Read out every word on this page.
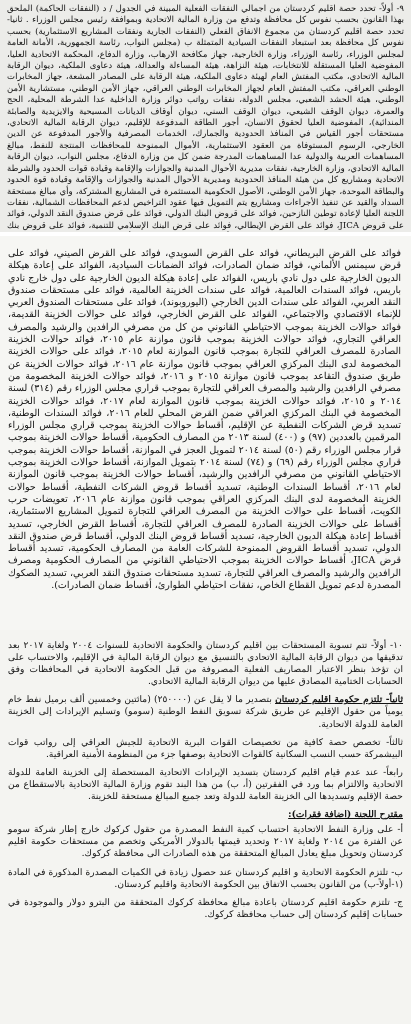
٩- أولاً- تحدد حصة اقليم كردستان من اجمالي النفقات الفعلية المبينة في الجدول / د (النفقات الحاكمة) الملحق بهذا القانون بحسب نفوس كل محافظة وتدفع من وزارة المالية الاتحادية وبموافقة رئيس مجلس الوزراء . ثانيا- تحدد حصة اقليم كردستان من مجموع الانفاق الفعلي (النفقات الجارية ونفقات المشاريع الاستثمارية) بحسب نفوس كل محافظة بعد استبعاد النفقات السيادية المتمثلة ب (مجلس النواب، رئاسة الجمهورية، الأمانة العامة لمجلس الوزراء، رئاسة الوزراء، وزارة الخارجية، جهاز مكافحة الارهاب، وزارة الدفاع، المحكمة الاتحادية العليا، المفوضية العليا المستقلة للانتخابات، هيئة النزاهة، هيئة المساءلة والعدالة، هيئة دعاوى الملكية، ديوان الرقابة المالية الاتحادي، مكتب المفتش العام لهيئة دعاوى الملكية، هيئة الرقابة على المصادر المشعة، جهاز المخابرات الوطني العراقي، مكتب المفتش العام لجهاز المخابرات الوطني العراقي، جهاز الأمن الوطني، مستشارية الأمن الوطني، هيئة الحشد الشعبي، مجلس الدولة، نفقات رواتب دوائر وزارة الداخلية عدا الشرطة المحلية، الحج والعمرة، ديوان الوقف الشيعي، ديوان الوقف السني، ديوان أوقاف الديانات المسيحية والايزيدية والصابئة المندائية)، المفوضية العليا لحقوق الانسان، أجور الطاقة المدفوعة للإقليم، ديوان الرقابة المالية الاتحادي، مستحقات أجور القياس في المنافذ الحدودية والجمارك، الخدمات المصرفية والأجور المدفوعة عن الدين الخارجي، الرسوم المستوفاة من العقود الاستثمارية، الأموال الممنوحة للمحافظات المنتجة للنفط، مبالغ المساهمات العربية والدولية عدا المساهمات المدرجة ضمن كل من وزارة الدفاع، مجلس النواب، ديوان الرقابة المالية الاتحادي، وزارة الخارجية، نفقات مديرية الأحوال المدنية والجوازات والإقامة وقيادة قوات الحدود والشرطة الاتحادية ومشاريع كل من هيئة المنافذ الحدودية ومديرية الأحوال المدنية والجوازات والإقامة وقيادة قوة الحدود والبطاقة الموحدة، جهاز الأمن الوطني، الأصول الحكومية المستثمرة في المشاريع المشتركة، وأي مبالغ مستحقة السداد والقيد عن تنفيذ الأجراءات ومشاريع يتم التمويل فيها عقود التراخيص لدعم المحافظات الشمالية، نفقات اللجنة العليا لإعادة توطين النازحين، فوائد على قروض البنك الدولي، فوائد على قرض صندوق النقد الدولي، فوائد على قروض JICA، فوائد على القرض الإيطالي، فوائد على قرض البنك الإسلامي للتنمية، فوائد على قروض بنك

فوائد على القرض البريطاني، فوائد على القرض السويدي، فوائد على القرض الصيني، فوائد على قرض سيمنس الألماني، فوائد ضمان الصادرات، فوائد الضمانات السيادية، الفوائد على إعادة هيكلة الديون الخارجية على دول نادي باريس، الفوائد على إعادة هيكلة الديون الخارجية على دول خارج نادي باريس، فوائد السندات العالمية، فوائد على سندات الخزينة العالمية، فوائد على مستحقات صندوق النقد العربي، الفوائد على سندات الدين الخارجي (اليوروبوند)، فوائد على مستحقات الصندوق العربي للإنماء الاقتصادي والاجتماعي، الفوائد على القرض الخارجي، فوائد على حوالات الخزينة القديمة، فوائد حوالات الخزينة بموجب الاحتياطي القانوني من كل من مصرفي الرافدين والرشيد والمصرف العراقي التجاري، فوائد حوالات الخزينة بموجب قانون موازنة عام ٢٠١٥، فوائد حوالات الخزينة الصادرة للمصرف العراقي للتجارة بموجب قانون الموازنة لعام ٢٠١٥، فوائد على حوالات الخزينة المخصومة لدى البنك المركزي العراقي بموجب قانون موازنة عام ٢٠١٦، فوائد حوالات الخزينة عن طريق صندوق التقاعد بموجب قانون موازنة ٢٠١٥ و ٢٠١٦، فوائد حوالات الخزينة المخصومة من مصرفي الرافدين والرشيد والمصرف العراقي للتجارة بموجب قراري مجلس الوزراء رقم (٣١٤) لسنة ٢٠١٤ و ٢٠١٥، فوائد حوالات الخزينة بموجب قانون الموازنة لعام ٢٠١٧، فوائد حوالات الخزينة المخصومة في البنك المركزي العراقي ضمن القرض المحلي للعام ٢٠١٦، فوائد السندات الوطنية، تسديد قرض الشركات النفطية عن الإقليم، أقساط حوالات الخزينة بموجب قراري مجلس الوزراء المرقمين بالعددين (٩٧) و (٤٠٠) لسنة ٢٠١٣ من المصارف الحكومية، أقساط حوالات الخزينة بموجب قرار مجلس الوزراء رقم (٥٠) لسنة ٢٠١٤ لتمويل العجز في الموازنة، أقساط حوالات الخزينة بموجب قراري مجلس الوزراء رقم (٦٩) و (٧٤) لسنة ٢٠١٤ بتمويل الموازنة، أقساط حوالات الخزينة بموجب الاحتياطي القانوني من مصرفي الرافدين والرشيد، أقساط حوالات الخزينة بموجب قانون الموازنة لعام ٢٠١٦، أقساط السندات الوطنية، تسديد أقساط قروض الشركات النفطية، أقساط حوالات الخزينة المخصومة لدى البنك المركزي العراقي بموجب قانون موازنة عام ٢٠١٦، تعويضات حرب الكويت، أقساط على حوالات الخزينة من المصرف العراقي للتجارة لتمويل المشاريع الاستثمارية، أقساط على حوالات الخزينة الصادرة للمصرف العراقي للتجارة، أقساط القرض الخارجي، تسديد أقساط إعادة هيكلة الديون الخارجية، تسديد أقساط قروض البنك الدولي، أقساط قرض صندوق النقد الدولي، تسديد أقساط القروض الممنوحة للشركات العامة من المصارف الحكومية، تسديد أقساط قرض JICA، أقساط حوالات الخزينة بموجب الاحتياطي القانوني من المصارف الحكومية ومصرف الرافدين والرشيد والمصرف العراقي للتجارة، تسديد مستحقات صندوق النقد العربي، تسديد الصكوك المصدرة لدعم تمويل القطاع الخاص، نفقات احتياطي الطوارئ، أقساط ضمان الصادرات).

١٠- أولاً- تتم تسوية المستحقات بين اقليم كردستان والحكومة الاتحادية للسنوات ٢٠٠٤ ولغاية ٢٠١٧ بعد تدقيقها من ديوان الرقابة المالية الاتحادي بالتنسيق مع ديوان الرقابة المالية في الإقليم، والاحتساب على ان تؤخذ بنظر الاعتبار المصاريف الفعلية المصروفة من قبل الحكومة الاتحادية في المحافظات وفق الحسابات الختامية المصادق عليها من ديوان الرقابة المالية الاتحادي.

ثانياً- تلتزم حكومة اقليم كردستان بتصدير ما لا يقل عن (٢٥٠٠٠٠) (مائتين وخمسين ألف برميل نفط خام يومياً من حقول الإقليم عن طريق شركة تسويق النفط الوطنية (سومو) وتسليم الإيرادات إلى الخزينة العامة للدولة الاتحادية.

ثالثاً- تخصص حصة كافية من تخصيصات القوات البرية الاتحادية للجيش العراقي إلى رواتب قوات البيشمركة حسب النسب السكانية كالقوات الاتحادية بوصفها جزء من المنظومة الأمنية العراقية.

رابعاً- عند عدم قيام اقليم كردستان بتسديد الإيرادات الاتحادية المستحصلة إلى الخزينة العامة للدولة الاتحادية والالتزام بما ورد في الفقرتين (أ، ب) من هذا البند تقوم وزارة المالية الاتحادية بالاستقطاع من حصة الإقليم وتسديدها الى الخزينة العامة للدولة وتعد جميع المبالغ مستحقة للخزينة.

مقترح اللجنة (اضافة فقرات):

أ- على وزارة النفط الاتحادية احتساب كمية النفط المصدرة من حقول كركوك خارج إطار شركة سومو عن الفترة من ٢٠١٤ ولغاية ٢٠١٧ وتحديد قيمتها بالدولار الأمريكي وتخصم من مستحقات حكومة اقليم كردستان وتحويل مبلغ يعادل المبالغ المتحققة من هذه الصادرات الى محافظة كركوك.

ب- تلتزم الحكومة الاتحادية و اقليم كردستان عند حصول زيادة في الكميات المصدرة المذكورة في المادة (١-أولاً-ب) من القانون بحسب الاتفاق بين الحكومة الاتحادية واقليم كردستان.

ج- تلتزم حكومة اقليم كردستان باعادة مبالغ محافظة كركوك المتحققة من البترو دولار والموجودة في حسابات إقليم كردستان إلى حساب محافظة كركوك.
